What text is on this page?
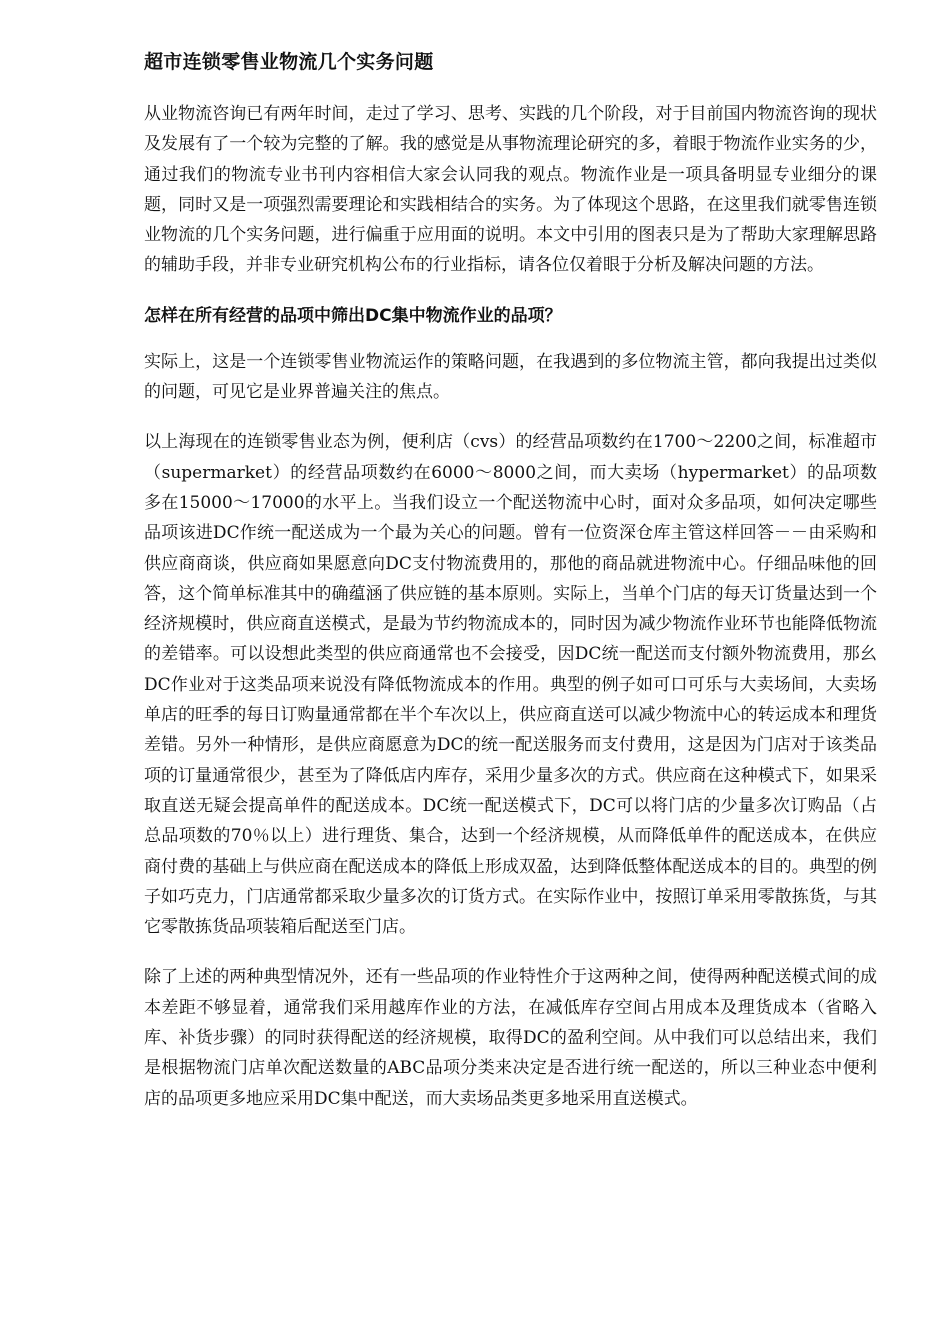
超市连锁零售业物流几个实务问题

从业物流咨询已有两年时间，走过了学习、思考、实践的几个阶段，对于目前国内物流咨询的现状及发展有了一个较为完整的了解。我的感觉是从事物流理论研究的多，着眼于物流作业实务的少，通过我们的物流专业书刊内容相信大家会认同我的观点。物流作业是一项具备明显专业细分的课题，同时又是一项强烈需要理论和实践相结合的实务。为了体现这个思路，在这里我们就零售连锁业物流的几个实务问题，进行偏重于应用面的说明。本文中引用的图表只是为了帮助大家理解思路的辅助手段，并非专业研究机构公布的行业指标，请各位仅着眼于分析及解决问题的方法。

怎样在所有经营的品项中筛出DC集中物流作业的品项？

实际上，这是一个连锁零售业物流运作的策略问题，在我遇到的多位物流主管，都向我提出过类似的问题，可见它是业界普遍关注的焦点。

以上海现在的连锁零售业态为例，便利店（cvs）的经营品项数约在1700～2200之间，标准超市（supermarket）的经营品项数约在6000～8000之间，而大卖场（hypermarket）的品项数多在15000～17000的水平上。当我们设立一个配送物流中心时，面对众多品项，如何决定哪些品项该进DC作统一配送成为一个最为关心的问题。曾有一位资深仓库主管这样回答－－由采购和供应商商谈，供应商如果愿意向DC支付物流费用的，那他的商品就进物流中心。仔细品味他的回答，这个简单标准其中的确蕴涵了供应链的基本原则。实际上，当单个门店的每天订货量达到一个经济规模时，供应商直送模式，是最为节约物流成本的，同时因为减少物流作业环节也能降低物流的差错率。可以设想此类型的供应商通常也不会接受，因DC统一配送而支付额外物流费用，那幺DC作业对于这类品项来说没有降低物流成本的作用。典型的例子如可口可乐与大卖场间，大卖场单店的旺季的每日订购量通常都在半个车次以上，供应商直送可以减少物流中心的转运成本和理货差错。另外一种情形，是供应商愿意为DC的统一配送服务而支付费用，这是因为门店对于该类品项的订量通常很少，甚至为了降低店内库存，采用少量多次的方式。供应商在这种模式下，如果采取直送无疑会提高单件的配送成本。DC统一配送模式下，DC可以将门店的少量多次订购品（占总品项数的70％以上）进行理货、集合，达到一个经济规模，从而降低单件的配送成本，在供应商付费的基础上与供应商在配送成本的降低上形成双盈，达到降低整体配送成本的目的。典型的例子如巧克力，门店通常都采取少量多次的订货方式。在实际作业中，按照订单采用零散拣货，与其它零散拣货品项装箱后配送至门店。

除了上述的两种典型情况外，还有一些品项的作业特性介于这两种之间，使得两种配送模式间的成本差距不够显着，通常我们采用越库作业的方法，在减低库存空间占用成本及理货成本（省略入库、补货步骤）的同时获得配送的经济规模，取得DC的盈利空间。从中我们可以总结出来，我们是根据物流门店单次配送数量的ABC品项分类来决定是否进行统一配送的，所以三种业态中便利店的品项更多地应采用DC集中配送，而大卖场品类更多地采用直送模式。
